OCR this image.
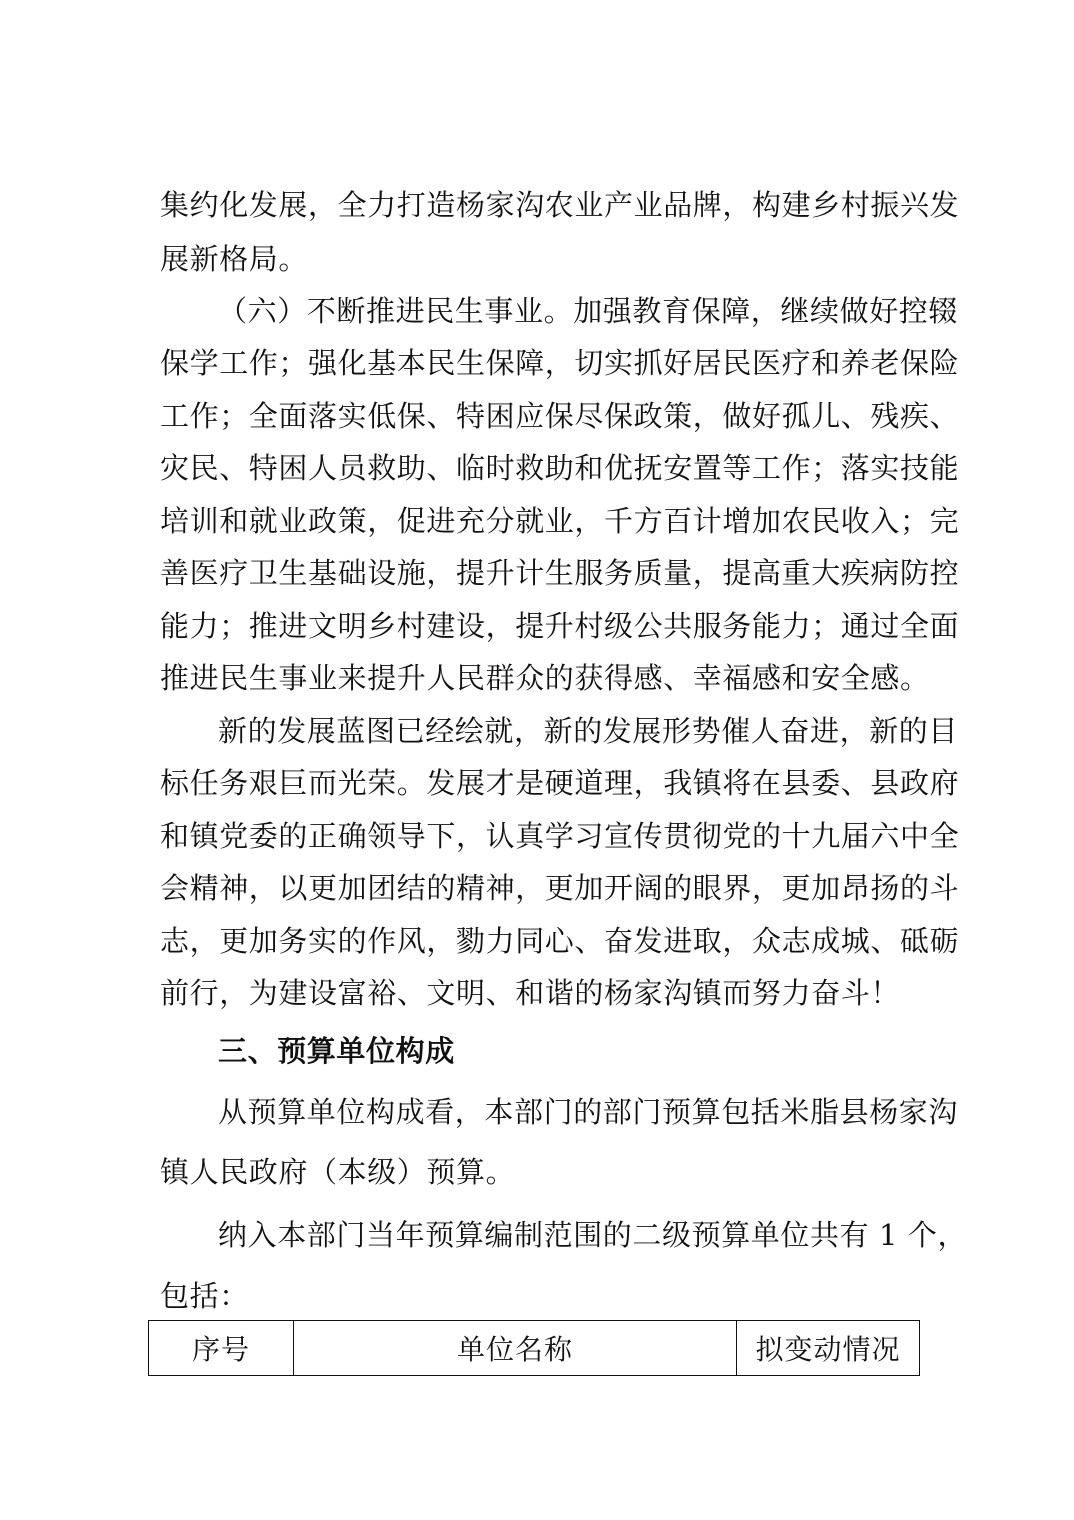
集约化发展，全力打造杨家沟农业产业品牌，构建乡村振兴发
展新格局。
（六）不断推进民生事业。加强教育保障，继续做好控辍
保学工作；强化基本民生保障，切实抓好居民医疗和养老保险
工作；全面落实低保、特困应保尽保政策，做好孤儿、残疾、
灾民、特困人员救助、临时救助和优抚安置等工作；落实技能
培训和就业政策，促进充分就业，千方百计增加农民收入；完
善医疗卫生基础设施，提升计生服务质量，提高重大疾病防控
能力；推进文明乡村建设，提升村级公共服务能力；通过全面
推进民生事业来提升人民群众的获得感、幸福感和安全感。
新的发展蓝图已经绘就，新的发展形势催人奋进，新的目
标任务艰巨而光荣。发展才是硬道理，我镇将在县委、县政府
和镇党委的正确领导下，认真学习宣传贯彻党的十九届六中全
会精神，以更加团结的精神，更加开阔的眼界，更加昂扬的斗
志，更加务实的作风，勠力同心、奋发进取，众志成城、砥砺
前行，为建设富裕、文明、和谐的杨家沟镇而努力奋斗！
三、预算单位构成
从预算单位构成看，本部门的部门预算包括米脂县杨家沟
镇人民政府（本级）预算。
纳入本部门当年预算编制范围的二级预算单位共有 1 个，
包括：
序号	单位名称	拟变动情况
